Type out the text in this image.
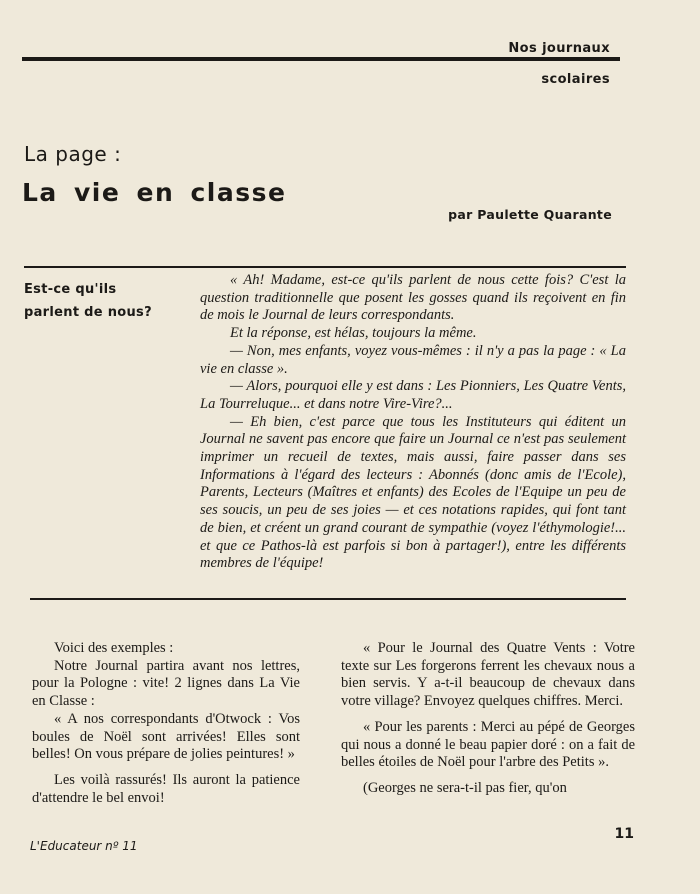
Nos journaux
scolaires
La page :
La vie en classe
par Paulette Quarante
Est-ce qu'ils
parlent de nous?

« Ah! Madame, est-ce qu'ils parlent de nous cette fois? C'est la question traditionnelle que posent les gosses quand ils reçoivent en fin de mois le Journal de leurs correspondants.

Et la réponse, est hélas, toujours la même.

— Non, mes enfants, voyez vous-mêmes : il n'y a pas la page : « La vie en classe ».

— Alors, pourquoi elle y est dans : Les Pionniers, Les Quatre Vents, La Tourreluque... et dans notre Vire-Vire?...

— Eh bien, c'est parce que tous les Instituteurs qui éditent un Journal ne savent pas encore que faire un Journal ce n'est pas seulement imprimer un recueil de textes, mais aussi, faire passer dans ses Informations à l'égard des lecteurs : Abonnés (donc amis de l'Ecole), Parents, Lecteurs (Maîtres et enfants) des Ecoles de l'Equipe un peu de ses soucis, un peu de ses joies — et ces notations rapides, qui font tant de bien, et créent un grand courant de sympathie (voyez l'éthymologie!... et que ce Pathos-là est parfois si bon à partager!), entre les différents membres de l'équipe!

Voici des exemples :

Notre Journal partira avant nos lettres, pour la Pologne : vite! 2 lignes dans La Vie en Classe :

« A nos correspondants d'Otwock : Vos boules de Noël sont arrivées! Elles sont belles! On vous prépare de jolies peintures! »

Les voilà rassurés! Ils auront la patience d'attendre le bel envoi!

« Pour le Journal des Quatre Vents : Votre texte sur Les forgerons ferrent les chevaux nous a bien servis. Y a-t-il beaucoup de chevaux dans votre village? Envoyez quelques chiffres. Merci.

« Pour les parents : Merci au pépé de Georges qui nous a donné le beau papier doré : on a fait de belles étoiles de Noël pour l'arbre des Petits ».

(Georges ne sera-t-il pas fier, qu'on

L'Educateur nº 11
11
